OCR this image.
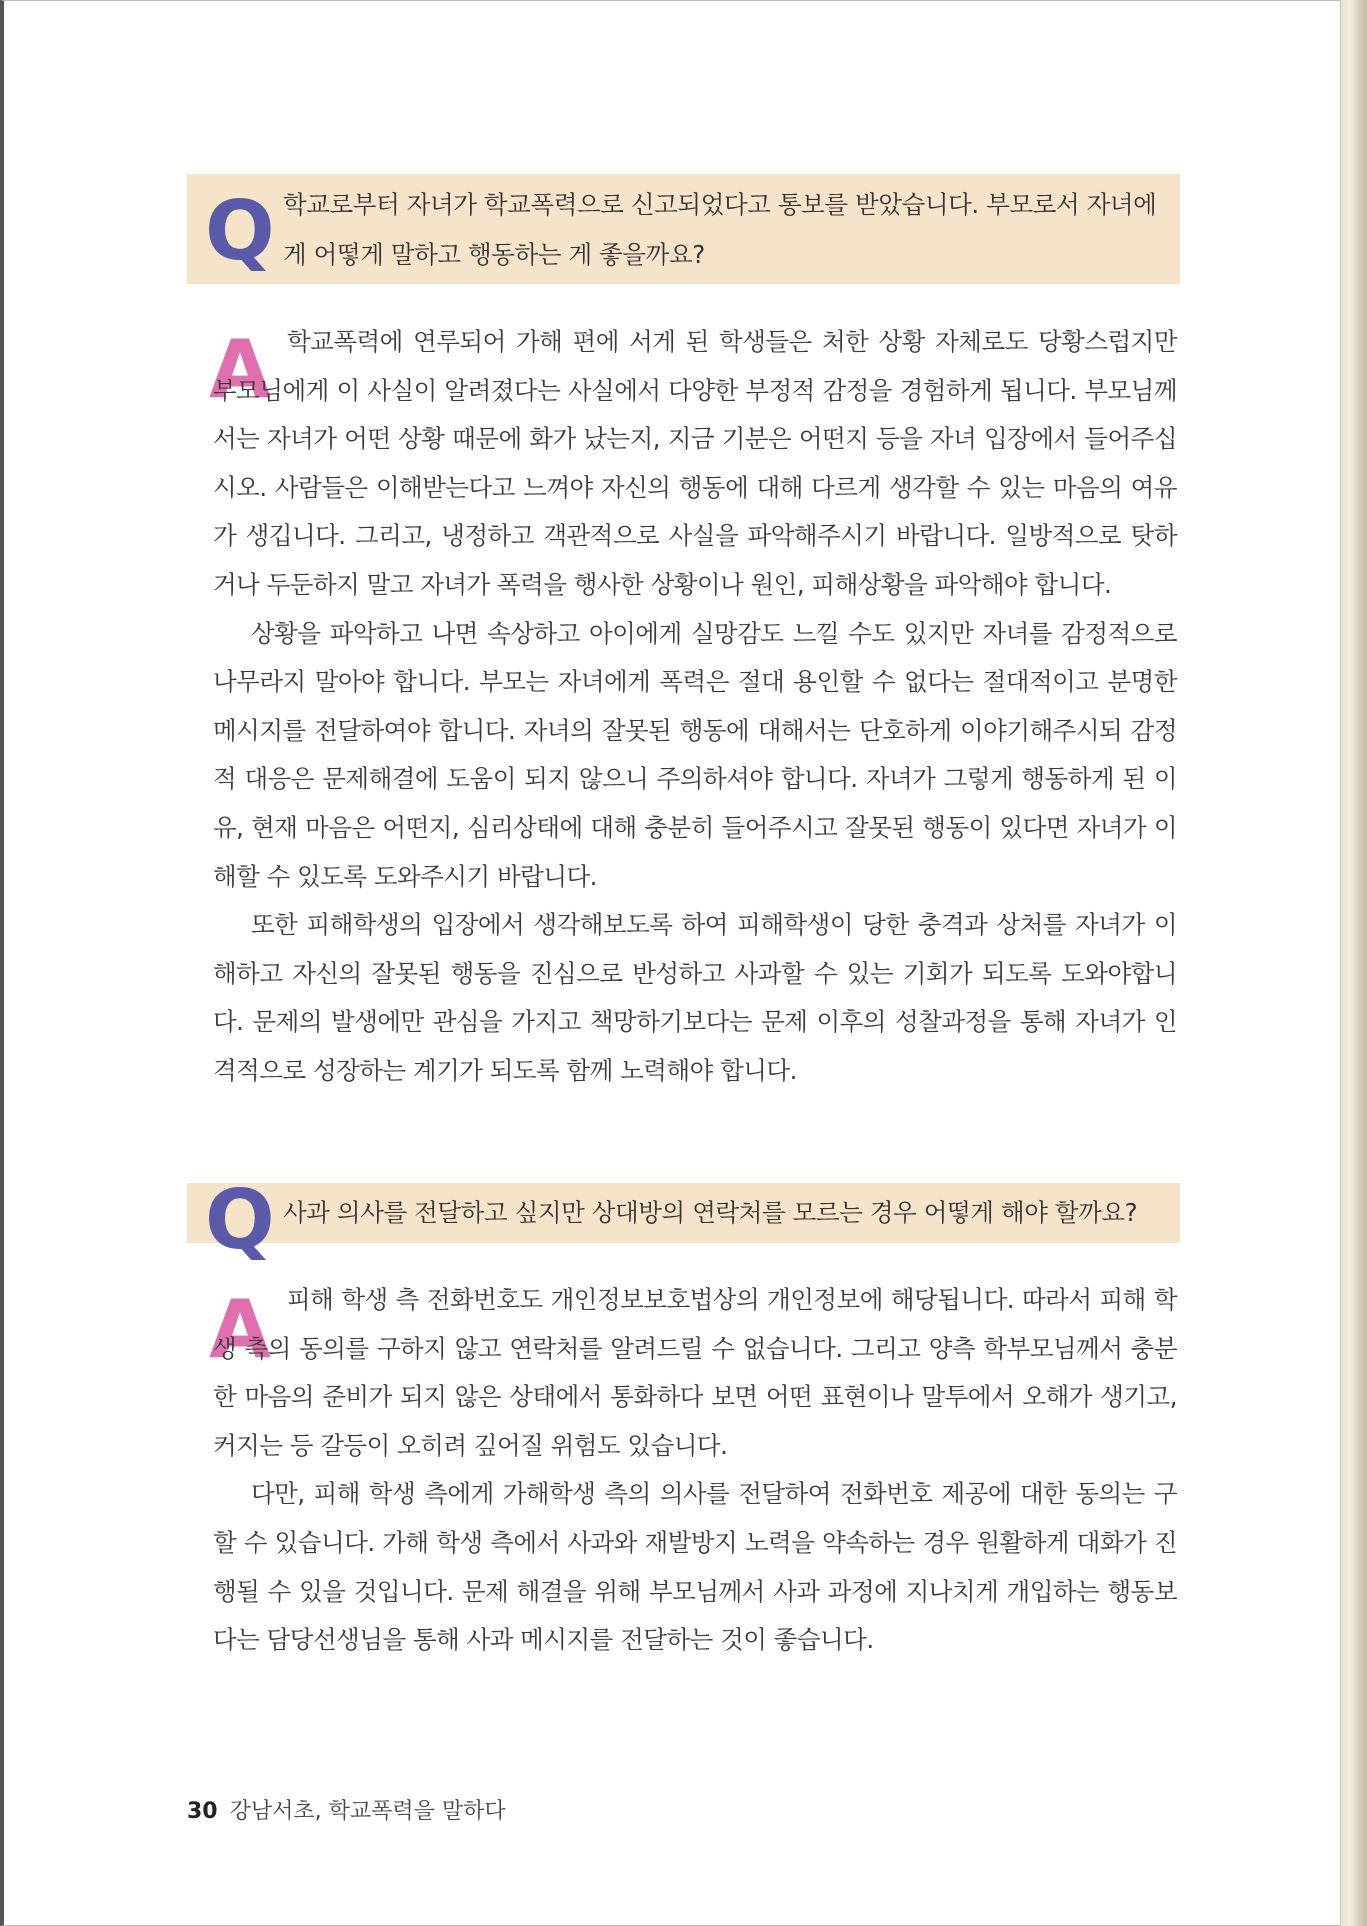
Q 학교로부터 자녀가 학교폭력으로 신고되었다고 통보를 받았습니다. 부모로서 자녀에게 어떻게 말하고 행동하는 게 좋을까요?
A 학교폭력에 연루되어 가해 편에 서게 된 학생들은 처한 상황 자체로도 당황스럽지만 부모님에게 이 사실이 알려졌다는 사실에서 다양한 부정적 감정을 경험하게 됩니다. 부모님께서는 자녀가 어떤 상황 때문에 화가 났는지, 지금 기분은 어떤지 등을 자녀 입장에서 들어주십시오. 사람들은 이해받는다고 느껴야 자신의 행동에 대해 다르게 생각할 수 있는 마음의 여유가 생깁니다. 그리고, 냉정하고 객관적으로 사실을 파악해주시기 바랍니다. 일방적으로 탓하거나 두둔하지 말고 자녀가 폭력을 행사한 상황이나 원인, 피해상황을 파악해야 합니다.

상황을 파악하고 나면 속상하고 아이에게 실망감도 느낄 수도 있지만 자녀를 감정적으로 나무라지 말아야 합니다. 부모는 자녀에게 폭력은 절대 용인할 수 없다는 절대적이고 분명한 메시지를 전달하여야 합니다. 자녀의 잘못된 행동에 대해서는 단호하게 이야기해주시되 감정적 대응은 문제해결에 도움이 되지 않으니 주의하셔야 합니다. 자녀가 그렇게 행동하게 된 이유, 현재 마음은 어떤지, 심리상태에 대해 충분히 들어주시고 잘못된 행동이 있다면 자녀가 이해할 수 있도록 도와주시기 바랍니다.

또한 피해학생의 입장에서 생각해보도록 하여 피해학생이 당한 충격과 상처를 자녀가 이해하고 자신의 잘못된 행동을 진심으로 반성하고 사과할 수 있는 기회가 되도록 도와야합니다. 문제의 발생에만 관심을 가지고 책망하기보다는 문제 이후의 성찰과정을 통해 자녀가 인격적으로 성장하는 계기가 되도록 함께 노력해야 합니다.

Q 사과 의사를 전달하고 싶지만 상대방의 연락처를 모르는 경우 어떻게 해야 할까요?
A 피해 학생 측 전화번호도 개인정보보호법상의 개인정보에 해당됩니다. 따라서 피해 학생 측의 동의를 구하지 않고 연락처를 알려드릴 수 없습니다. 그리고 양측 학부모님께서 충분한 마음의 준비가 되지 않은 상태에서 통화하다 보면 어떤 표현이나 말투에서 오해가 생기고, 커지는 등 갈등이 오히려 깊어질 위험도 있습니다.

다만, 피해 학생 측에게 가해학생 측의 의사를 전달하여 전화번호 제공에 대한 동의는 구할 수 있습니다. 가해 학생 측에서 사과와 재발방지 노력을 약속하는 경우 원활하게 대화가 진행될 수 있을 것입니다. 문제 해결을 위해 부모님께서 사과 과정에 지나치게 개입하는 행동보다는 담당선생님을 통해 사과 메시지를 전달하는 것이 좋습니다.

30 강남서초, 학교폭력을 말하다
